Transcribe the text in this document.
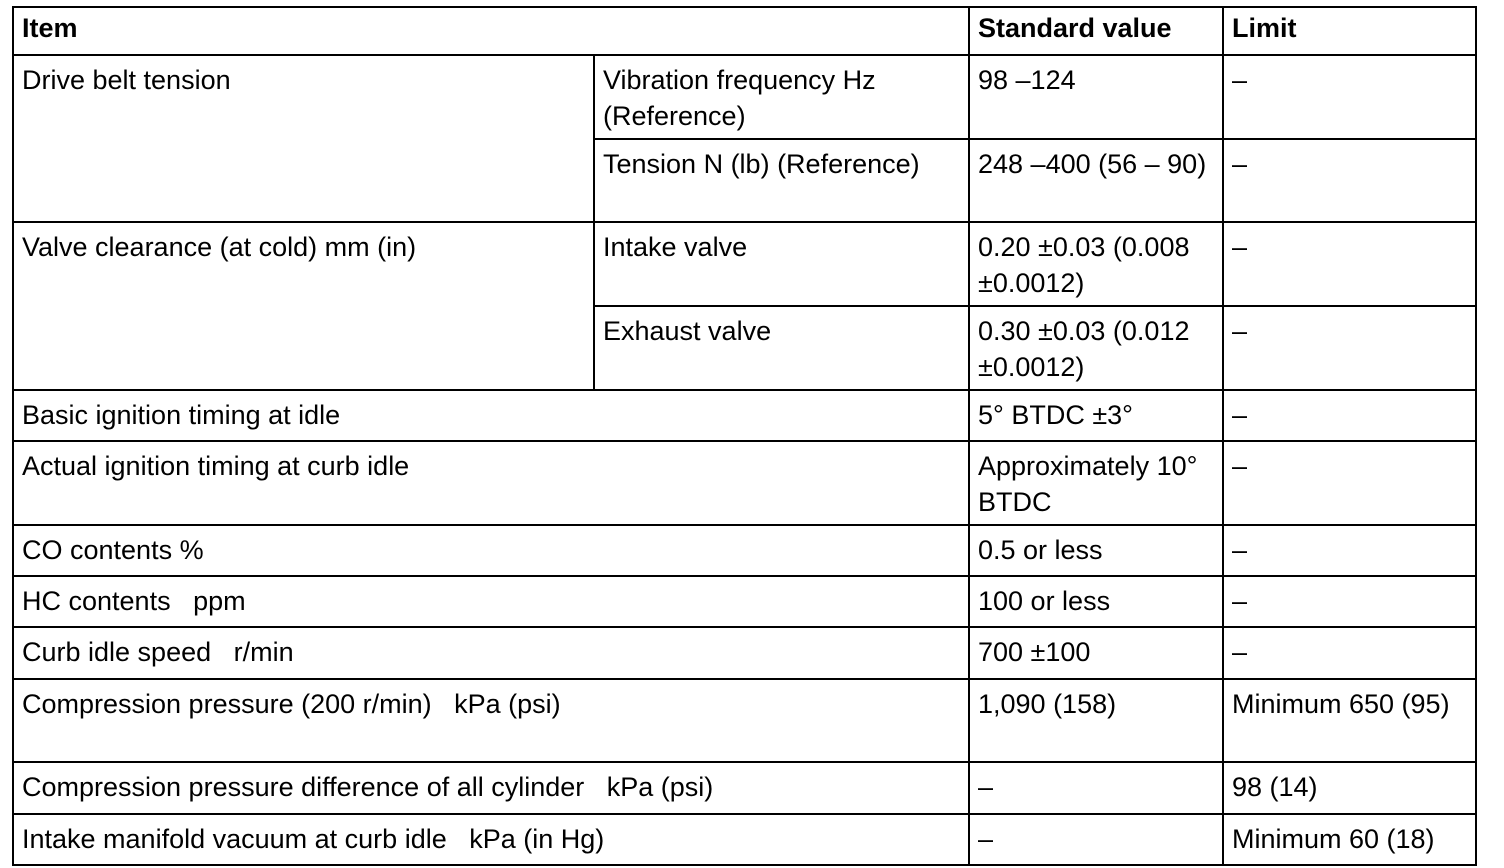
Item		Standard value	Limit
Drive belt tension	Vibration frequency Hz (Reference)	98 –124	–
	Tension N (lb) (Reference)	248 –400 (56 – 90)	–
Valve clearance (at cold) mm (in)	Intake valve	0.20 ±0.03 (0.008 ±0.0012)	–
	Exhaust valve	0.30 ±0.03 (0.012 ±0.0012)	–
Basic ignition timing at idle		5° BTDC ±3°	–
Actual ignition timing at curb idle		Approximately 10° BTDC	–
CO contents %		0.5 or less	–
HC contents   ppm		100 or less	–
Curb idle speed   r/min		700 ±100	–
Compression pressure (200 r/min)   kPa (psi)		1,090 (158)	Minimum 650 (95)
Compression pressure difference of all cylinder   kPa (psi)		–	98 (14)
Intake manifold vacuum at curb idle   kPa (in Hg)		–	Minimum 60 (18)
